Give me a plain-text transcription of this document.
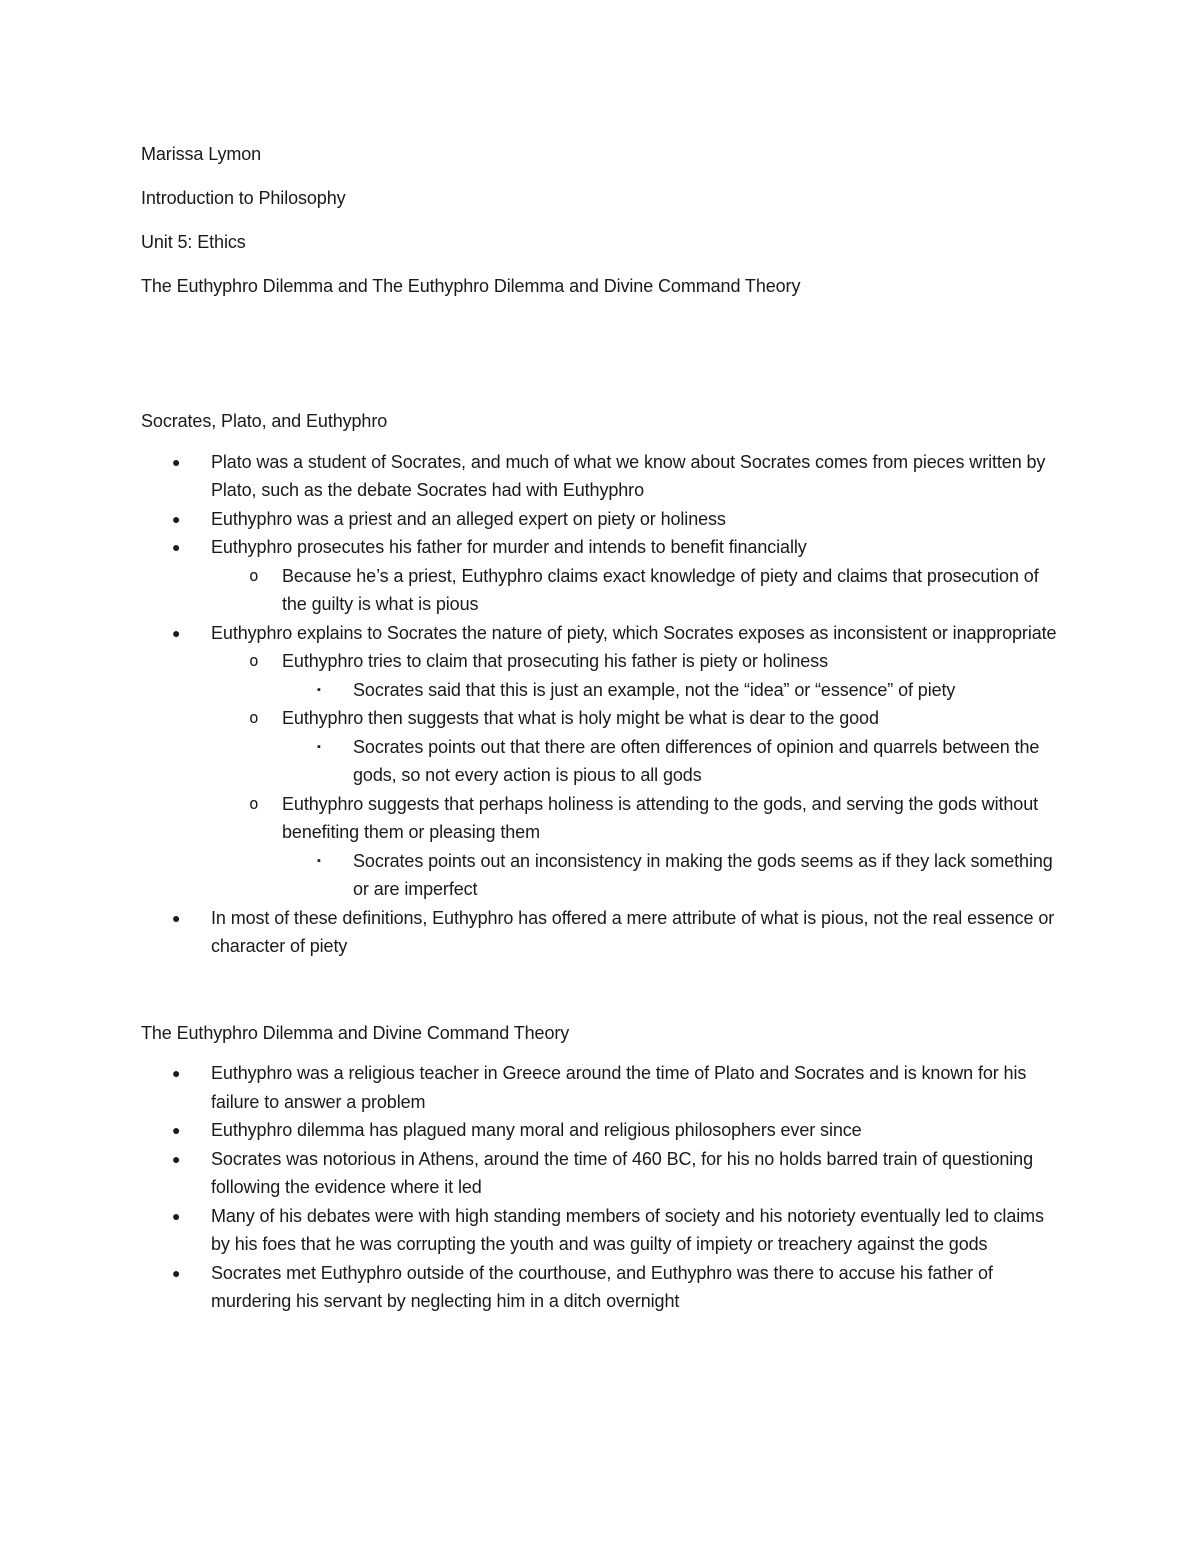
Marissa Lymon
Introduction to Philosophy
Unit 5: Ethics
The Euthyphro Dilemma and The Euthyphro Dilemma and Divine Command Theory
Socrates, Plato, and Euthyphro
● Plato was a student of Socrates, and much of what we know about Socrates comes from pieces written by Plato, such as the debate Socrates had with Euthyphro
● Euthyphro was a priest and an alleged expert on piety or holiness
● Euthyphro prosecutes his father for murder and intends to benefit financially
o Because he’s a priest, Euthyphro claims exact knowledge of piety and claims that prosecution of the guilty is what is pious
● Euthyphro explains to Socrates the nature of piety, which Socrates exposes as inconsistent or inappropriate
o Euthyphro tries to claim that prosecuting his father is piety or holiness
▪ Socrates said that this is just an example, not the “idea” or “essence” of piety
o Euthyphro then suggests that what is holy might be what is dear to the good
▪ Socrates points out that there are often differences of opinion and quarrels between the gods, so not every action is pious to all gods
o Euthyphro suggests that perhaps holiness is attending to the gods, and serving the gods without benefiting them or pleasing them
▪ Socrates points out an inconsistency in making the gods seems as if they lack something or are imperfect
● In most of these definitions, Euthyphro has offered a mere attribute of what is pious, not the real essence or character of piety
The Euthyphro Dilemma and Divine Command Theory
● Euthyphro was a religious teacher in Greece around the time of Plato and Socrates and is known for his failure to answer a problem
● Euthyphro dilemma has plagued many moral and religious philosophers ever since
● Socrates was notorious in Athens, around the time of 460 BC, for his no holds barred train of questioning following the evidence where it led
● Many of his debates were with high standing members of society and his notoriety eventually led to claims by his foes that he was corrupting the youth and was guilty of impiety or treachery against the gods
● Socrates met Euthyphro outside of the courthouse, and Euthyphro was there to accuse his father of murdering his servant by neglecting him in a ditch overnight
